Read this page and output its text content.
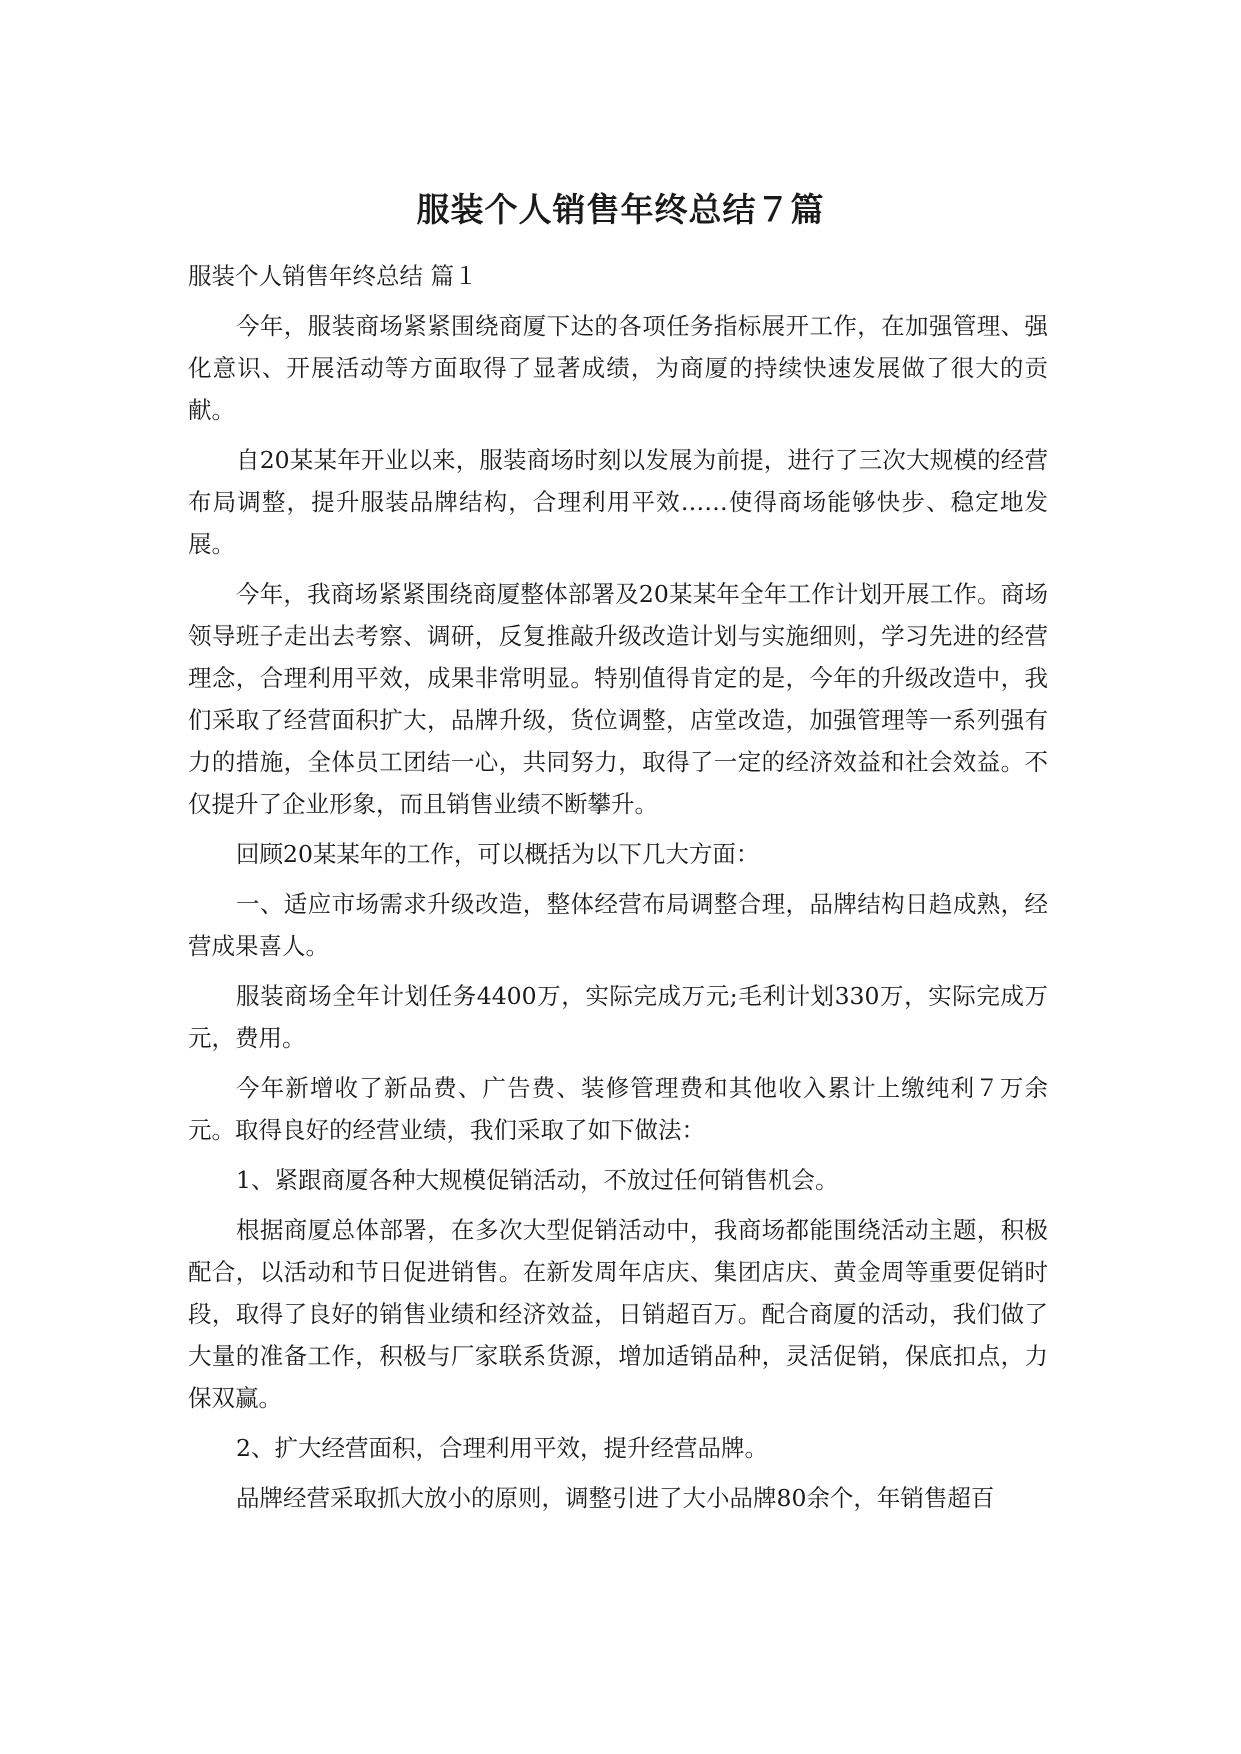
服装个人销售年终总结７篇

服装个人销售年终总结 篇１

今年，服装商场紧紧围绕商厦下达的各项任务指标展开工作，在加强管理、强化意识、开展活动等方面取得了显著成绩，为商厦的持续快速发展做了很大的贡献。

自20某某年开业以来，服装商场时刻以发展为前提，进行了三次大规模的经营布局调整，提升服装品牌结构，合理利用平效……使得商场能够快步、稳定地发展。

今年，我商场紧紧围绕商厦整体部署及20某某年全年工作计划开展工作。商场领导班子走出去考察、调研，反复推敲升级改造计划与实施细则，学习先进的经营理念，合理利用平效，成果非常明显。特别值得肯定的是，今年的升级改造中，我们采取了经营面积扩大，品牌升级，货位调整，店堂改造，加强管理等一系列强有力的措施，全体员工团结一心，共同努力，取得了一定的经济效益和社会效益。不仅提升了企业形象，而且销售业绩不断攀升。

回顾20某某年的工作，可以概括为以下几大方面：

一、适应市场需求升级改造，整体经营布局调整合理，品牌结构日趋成熟，经营成果喜人。

服装商场全年计划任务4400万，实际完成万元;毛利计划330万，实际完成万元，费用。

今年新增收了新品费、广告费、装修管理费和其他收入累计上缴纯利７万余元。取得良好的经营业绩，我们采取了如下做法：

1、紧跟商厦各种大规模促销活动，不放过任何销售机会。

根据商厦总体部署，在多次大型促销活动中，我商场都能围绕活动主题，积极配合，以活动和节日促进销售。在新发周年店庆、集团店庆、黄金周等重要促销时段，取得了良好的销售业绩和经济效益，日销超百万。配合商厦的活动，我们做了大量的准备工作，积极与厂家联系货源，增加适销品种，灵活促销，保底扣点，力保双赢。

2、扩大经营面积，合理利用平效，提升经营品牌。

品牌经营采取抓大放小的原则，调整引进了大小品牌80余个，年销售超百
